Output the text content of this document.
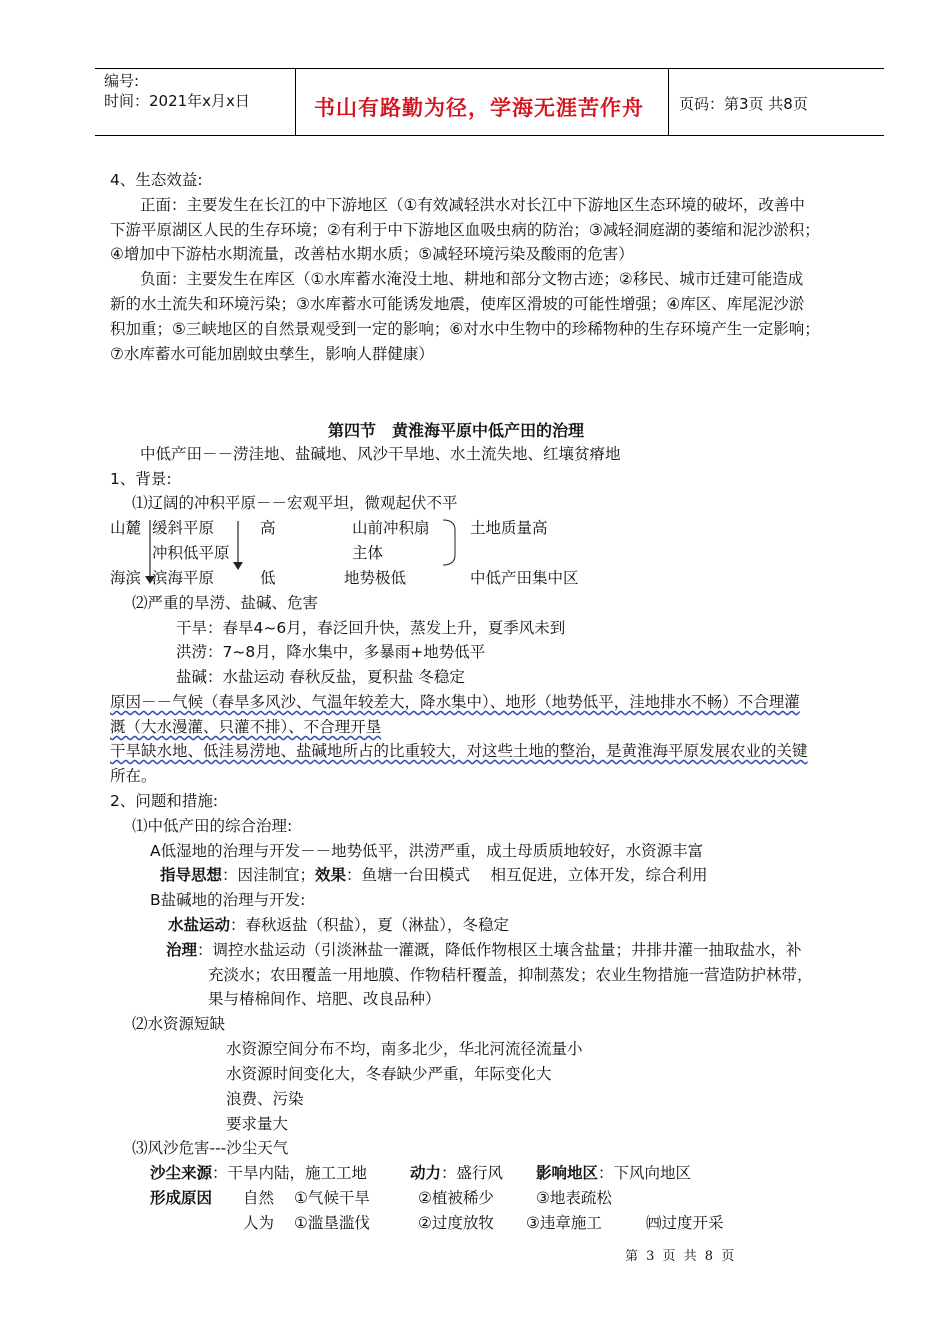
编号:
时间：2021年x月x日	书山有路勤为径，学海无涯苦作舟 页码：第3页 共8页
4、生态效益:
正面：主要发生在长江的中下游地区（①有效减轻洪水对长江中下游地区生态环境的破坏，改善中
下游平原湖区人民的生存环境；②有利于中下游地区血吸虫病的防治；③减轻洞庭湖的萎缩和泥沙淤积；
④增加中下游枯水期流量，改善枯水期水质；⑤减轻环境污染及酸雨的危害）
负面：主要发生在库区（①水库蓄水淹没土地、耕地和部分文物古迹；②移民、城市迁建可能造成
新的水土流失和环境污染；③水库蓄水可能诱发地震，使库区滑坡的可能性增强；④库区、库尾泥沙淤
积加重；⑤三峡地区的自然景观受到一定的影响；⑥对水中生物中的珍稀物种的生存环境产生一定影响；
⑦水库蓄水可能加剧蚊虫孳生，影响人群健康）
第四节　黄淮海平原中低产田的治理
中低产田－－涝洼地、盐碱地、风沙干旱地、水土流失地、红壤贫瘠地
1、背景:
⑴辽阔的冲积平原－－宏观平坦，微观起伏不平
山麓 缓斜平原	高	山前冲积扇	土地质量高
冲积低平原	主体
海滨 滨海平原	低	地势极低	中低产田集中区
⑵严重的旱涝、盐碱、危害
干旱：春旱4~6月，春泛回升快，蒸发上升，夏季风未到
洪涝：7~8月，降水集中，多暴雨+地势低平
盐碱：水盐运动 春秋反盐，夏积盐 冬稳定
原因－－气候（春旱多风沙、气温年较差大，降水集中）、地形（地势低平，洼地排水不畅）不合理灌
溉（大水漫灌、只灌不排）、不合理开垦
干旱缺水地、低洼易涝地、盐碱地所占的比重较大，对这些土地的整治，是黄淮海平原发展农业的关键
所在。
2、问题和措施:
⑴中低产田的综合治理:
A低湿地的治理与开发－－地势低平，洪涝严重，成土母质质地较好，水资源丰富
指导思想：因洼制宜；效果：鱼塘一台田模式　 相互促进，立体开发，综合利用
B盐碱地的治理与开发:
水盐运动：春秋返盐（积盐），夏（淋盐），冬稳定
治理：调控水盐运动（引淡淋盐一灌溉，降低作物根区土壤含盐量；井排井灌一抽取盐水，补
充淡水；农田覆盖一用地膜、作物秸杆覆盖，抑制蒸发；农业生物措施一营造防护林带，
果与椿棉间作、培肥、改良品种）
⑵水资源短缺
水资源空间分布不均，南多北少，华北河流径流量小
水资源时间变化大，冬春缺少严重，年际变化大
浪费、污染
要求量大
⑶风沙危害---沙尘天气
沙尘来源：干旱内陆，施工工地	动力：盛行风 影响地区：下风向地区
形成原因 自然 ①气候干旱	②植被稀少	③地表疏松
人为 ①滥垦滥伐	②过度放牧 ③违章施工	㈣过度开采
第 3 页 共 8 页
